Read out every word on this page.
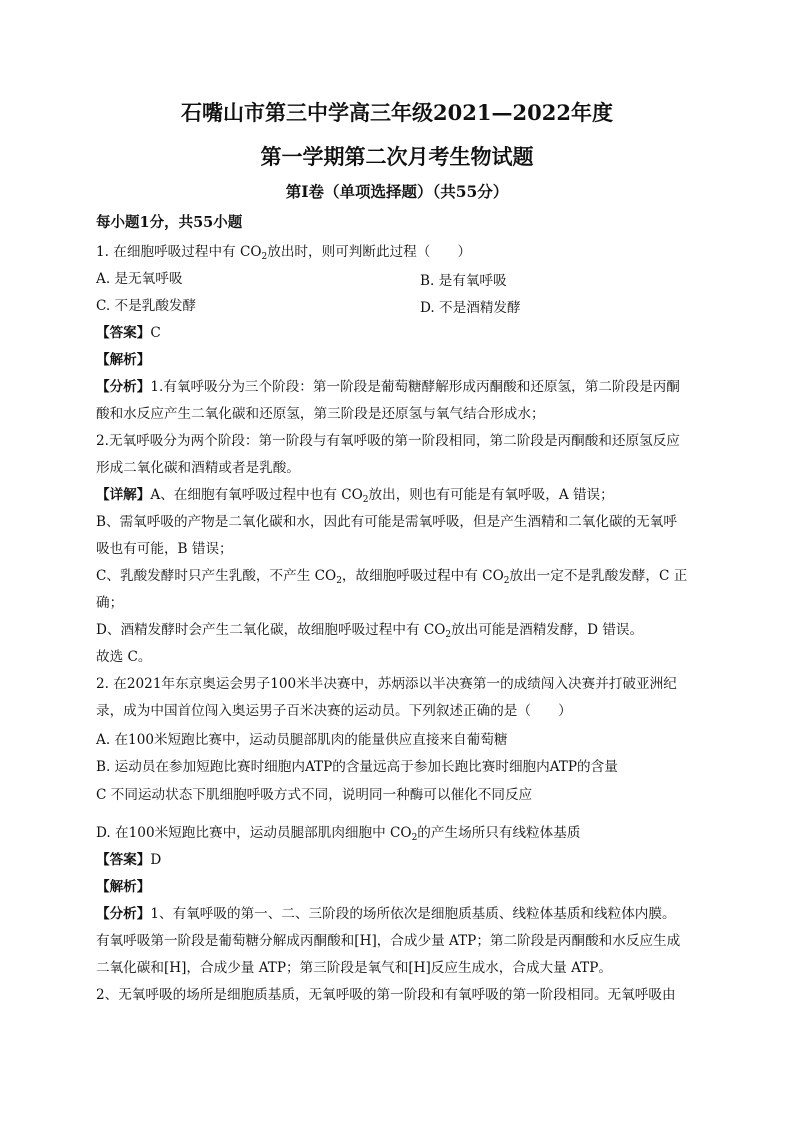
石嘴山市第三中学高三年级2021—2022年度
第一学期第二次月考生物试题
第Ⅰ卷（单项选择题）（共55分）
每小题1分，共55小题
1. 在细胞呼吸过程中有 $CO_2$放出时，则可判断此过程（　　）
A. 是无氧呼吸	B. 是有氧呼吸
C. 不是乳酸发酵	D. 不是酒精发酵
【答案】C
【解析】
【分析】1.有氧呼吸分为三个阶段：第一阶段是葡萄糖酵解形成丙酮酸和还原氢，第二阶段是丙酮
酸和水反应产生二氧化碳和还原氢，第三阶段是还原氢与氧气结合形成水；
2.无氧呼吸分为两个阶段：第一阶段与有氧呼吸的第一阶段相同，第二阶段是丙酮酸和还原氢反应
形成二氧化碳和酒精或者是乳酸。
【详解】A、在细胞有氧呼吸过程中也有 $CO_2$放出，则也有可能是有氧呼吸，A 错误；
B、需氧呼吸的产物是二氧化碳和水，因此有可能是需氧呼吸，但是产生酒精和二氧化碳的无氧呼
吸也有可能，B 错误；
C、乳酸发酵时只产生乳酸，不产生 $CO_2$，故细胞呼吸过程中有 $CO_2$放出一定不是乳酸发酵，C 正
确；
D、酒精发酵时会产生二氧化碳，故细胞呼吸过程中有 $CO_2$放出可能是酒精发酵，D 错误。
故选 C。
2. 在2021年东京奥运会男子100米半决赛中，苏炳添以半决赛第一的成绩闯入决赛并打破亚洲纪
录，成为中国首位闯入奥运男子百米决赛的运动员。下列叙述正确的是（　　）
A. 在100米短跑比赛中，运动员腿部肌肉的能量供应直接来自葡萄糖
B. 运动员在参加短跑比赛时细胞内ATP的含量远高于参加长跑比赛时细胞内ATP的含量
C 不同运动状态下肌细胞呼吸方式不同，说明同一种酶可以催化不同反应
D. 在100米短跑比赛中，运动员腿部肌肉细胞中 $CO_2$的产生场所只有线粒体基质
【答案】D
【解析】
【分析】1、有氧呼吸的第一、二、三阶段的场所依次是细胞质基质、线粒体基质和线粒体内膜。
有氧呼吸第一阶段是葡萄糖分解成丙酮酸和[H]，合成少量 ATP；第二阶段是丙酮酸和水反应生成
二氧化碳和[H]，合成少量 ATP；第三阶段是氧气和[H]反应生成水，合成大量 ATP。
2、无氧呼吸的场所是细胞质基质，无氧呼吸的第一阶段和有氧呼吸的第一阶段相同。无氧呼吸由
